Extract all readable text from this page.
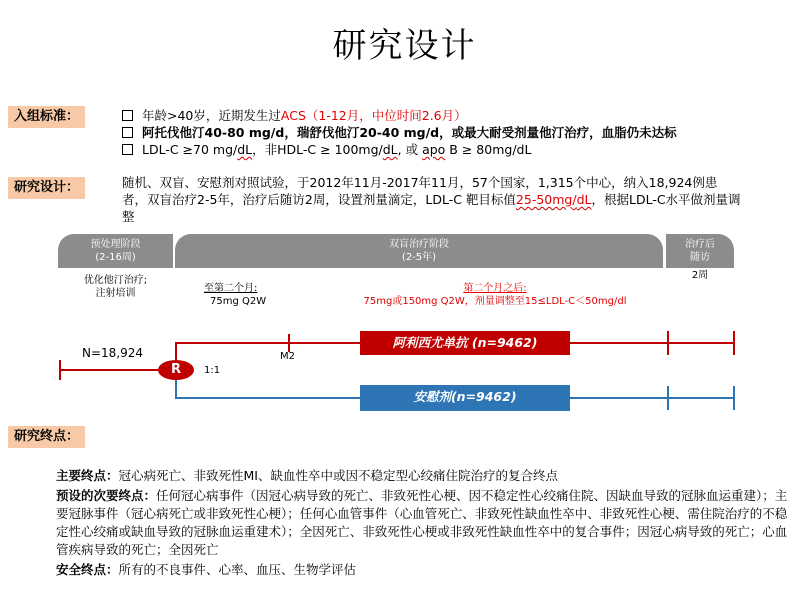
研究设计
入组标准：	年龄>40岁，近期发生过ACS（1-12月，中位时间2.6月）
阿托伐他汀40-80 mg/d，瑞舒伐他汀20-40 mg/d，或最大耐受剂量他汀治疗，血脂仍未达标
LDL-C ≥70 mg/dL，非HDL-C ≥ 100mg/dL, 或 apo B ≥ 80mg/dL
研究设计：	随机、双盲、安慰剂对照试验，于2012年11月-2017年11月，57个国家，1,315个中心，纳入18,924例患者，双盲治疗2-5年，治疗后随访2周，设置剂量滴定，LDL-C 靶目标值25-50mg/dL，根据LDL-C水平做剂量调整
预处理阶段
(2-16周)
双盲治疗阶段
(2-5年)
治疗后
随访
优化他汀治疗;
注射培训	至第二个月:
75mg Q2W
第二个月之后:
75mg或150mg Q2W，剂量调整至15≤LDL-C＜50mg/dl
2周
R	1:1
N=18,924	M2
阿利西尤单抗 (n=9462)
安慰剂(n=9462)
研究终点：

主要终点：冠心病死亡、非致死性MI、缺血性卒中或因不稳定型心绞痛住院治疗的复合终点

预设的次要终点：任何冠心病事件（因冠心病导致的死亡、非致死性心梗、因不稳定性心绞痛住院、因缺血导致的冠脉血运重建）；主要冠脉事件（冠心病死亡或非致死性心梗）；任何心血管事件（心血管死亡、非致死性缺血性卒中、非致死性心梗、需住院治疗的不稳定性心绞痛或缺血导致的冠脉血运重建术）；全因死亡、非致死性心梗或非致死性缺血性卒中的复合事件；因冠心病导致的死亡；心血管疾病导致的死亡；全因死亡

安全终点：所有的不良事件、心率、血压、生物学评估
